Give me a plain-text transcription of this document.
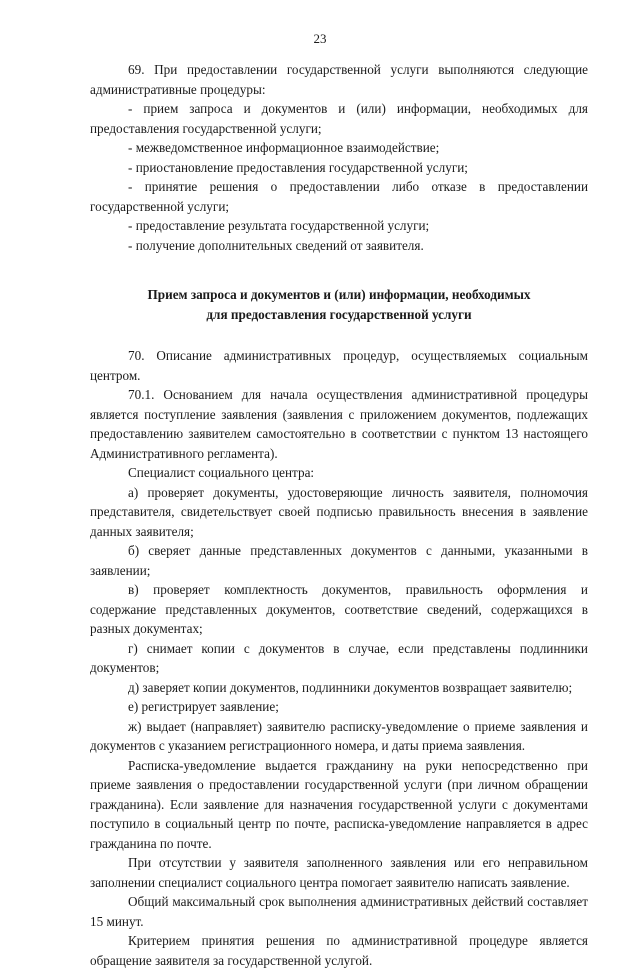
23

69. При предоставлении государственной услуги выполняются следующие административные процедуры:

- прием запроса и документов и (или) информации, необходимых для предоставления государственной услуги;

- межведомственное информационное взаимодействие;

- приостановление предоставления государственной услуги;

- принятие решения о предоставлении либо отказе в предоставлении государственной услуги;

- предоставление результата государственной услуги;

- получение дополнительных сведений от заявителя.

Прием запроса и документов и (или) информации, необходимых
для предоставления государственной услуги

70. Описание административных процедур, осуществляемых социальным центром.

70.1. Основанием для начала осуществления административной процедуры является поступление заявления (заявления с приложением документов, подлежащих предоставлению заявителем самостоятельно в соответствии с пунктом 13 настоящего Административного регламента).

Специалист социального центра:

а) проверяет документы, удостоверяющие личность заявителя, полномочия представителя, свидетельствует своей подписью правильность внесения в заявление данных заявителя;

б) сверяет данные представленных документов с данными, указанными в заявлении;

в) проверяет комплектность документов, правильность оформления и содержание представленных документов, соответствие сведений, содержащихся в разных документах;

г) снимает копии с документов в случае, если представлены подлинники документов;

д) заверяет копии документов, подлинники документов возвращает заявителю;

е) регистрирует заявление;

ж) выдает (направляет) заявителю расписку-уведомление о приеме заявления и документов с указанием регистрационного номера, и даты приема заявления.

Расписка-уведомление выдается гражданину на руки непосредственно при приеме заявления о предоставлении государственной услуги (при личном обращении гражданина). Если заявление для назначения государственной услуги с документами поступило в социальный центр по почте, расписка-уведомление направляется в адрес гражданина по почте.

При отсутствии у заявителя заполненного заявления или его неправильном заполнении специалист социального центра помогает заявителю написать заявление.

Общий максимальный срок выполнения административных действий составляет 15 минут.

Критерием принятия решения по административной процедуре является обращение заявителя за государственной услугой.
